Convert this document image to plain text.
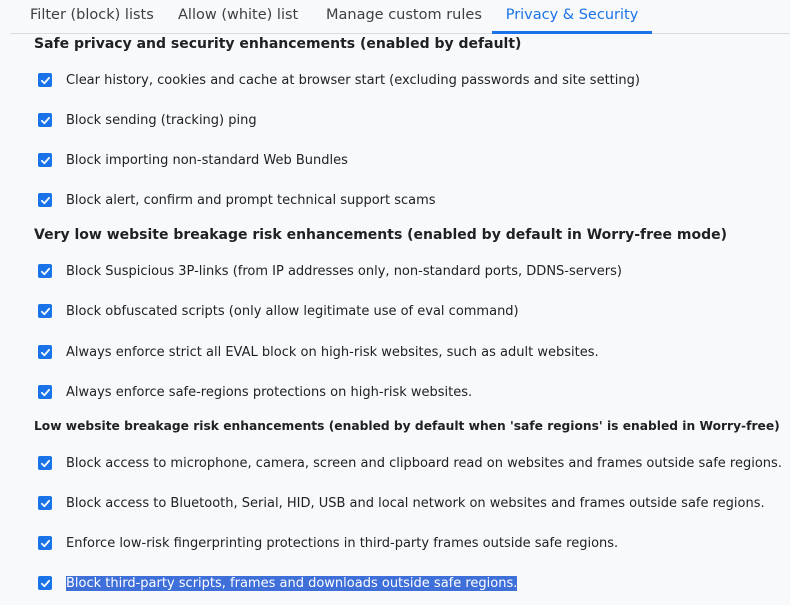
Filter (block) lists Allow (white) list Manage custom rules	Privacy & Security
Safe privacy and security enhancements (enabled by default)
Clear history, cookies and cache at browser start (excluding passwords and site setting)
Block sending (tracking) ping
Block importing non-standard Web Bundles
Block alert, confirm and prompt technical support scams
Very low website breakage risk enhancements (enabled by default in Worry-free mode)
Block Suspicious 3P-links (from IP addresses only, non-standard ports, DDNS-servers)
Block obfuscated scripts (only allow legitimate use of eval command)
Always enforce strict all EVAL block on high-risk websites, such as adult websites.
Always enforce safe-regions protections on high-risk websites.
Low website breakage risk enhancements (enabled by default when 'safe regions' is enabled in Worry-free)
Block access to microphone, camera, screen and clipboard read on websites and frames outside safe regions.
Block access to Bluetooth, Serial, HID, USB and local network on websites and frames outside safe regions.
Enforce low-risk fingerprinting protections in third-party frames outside safe regions.
Block third-party scripts, frames and downloads outside safe regions.
